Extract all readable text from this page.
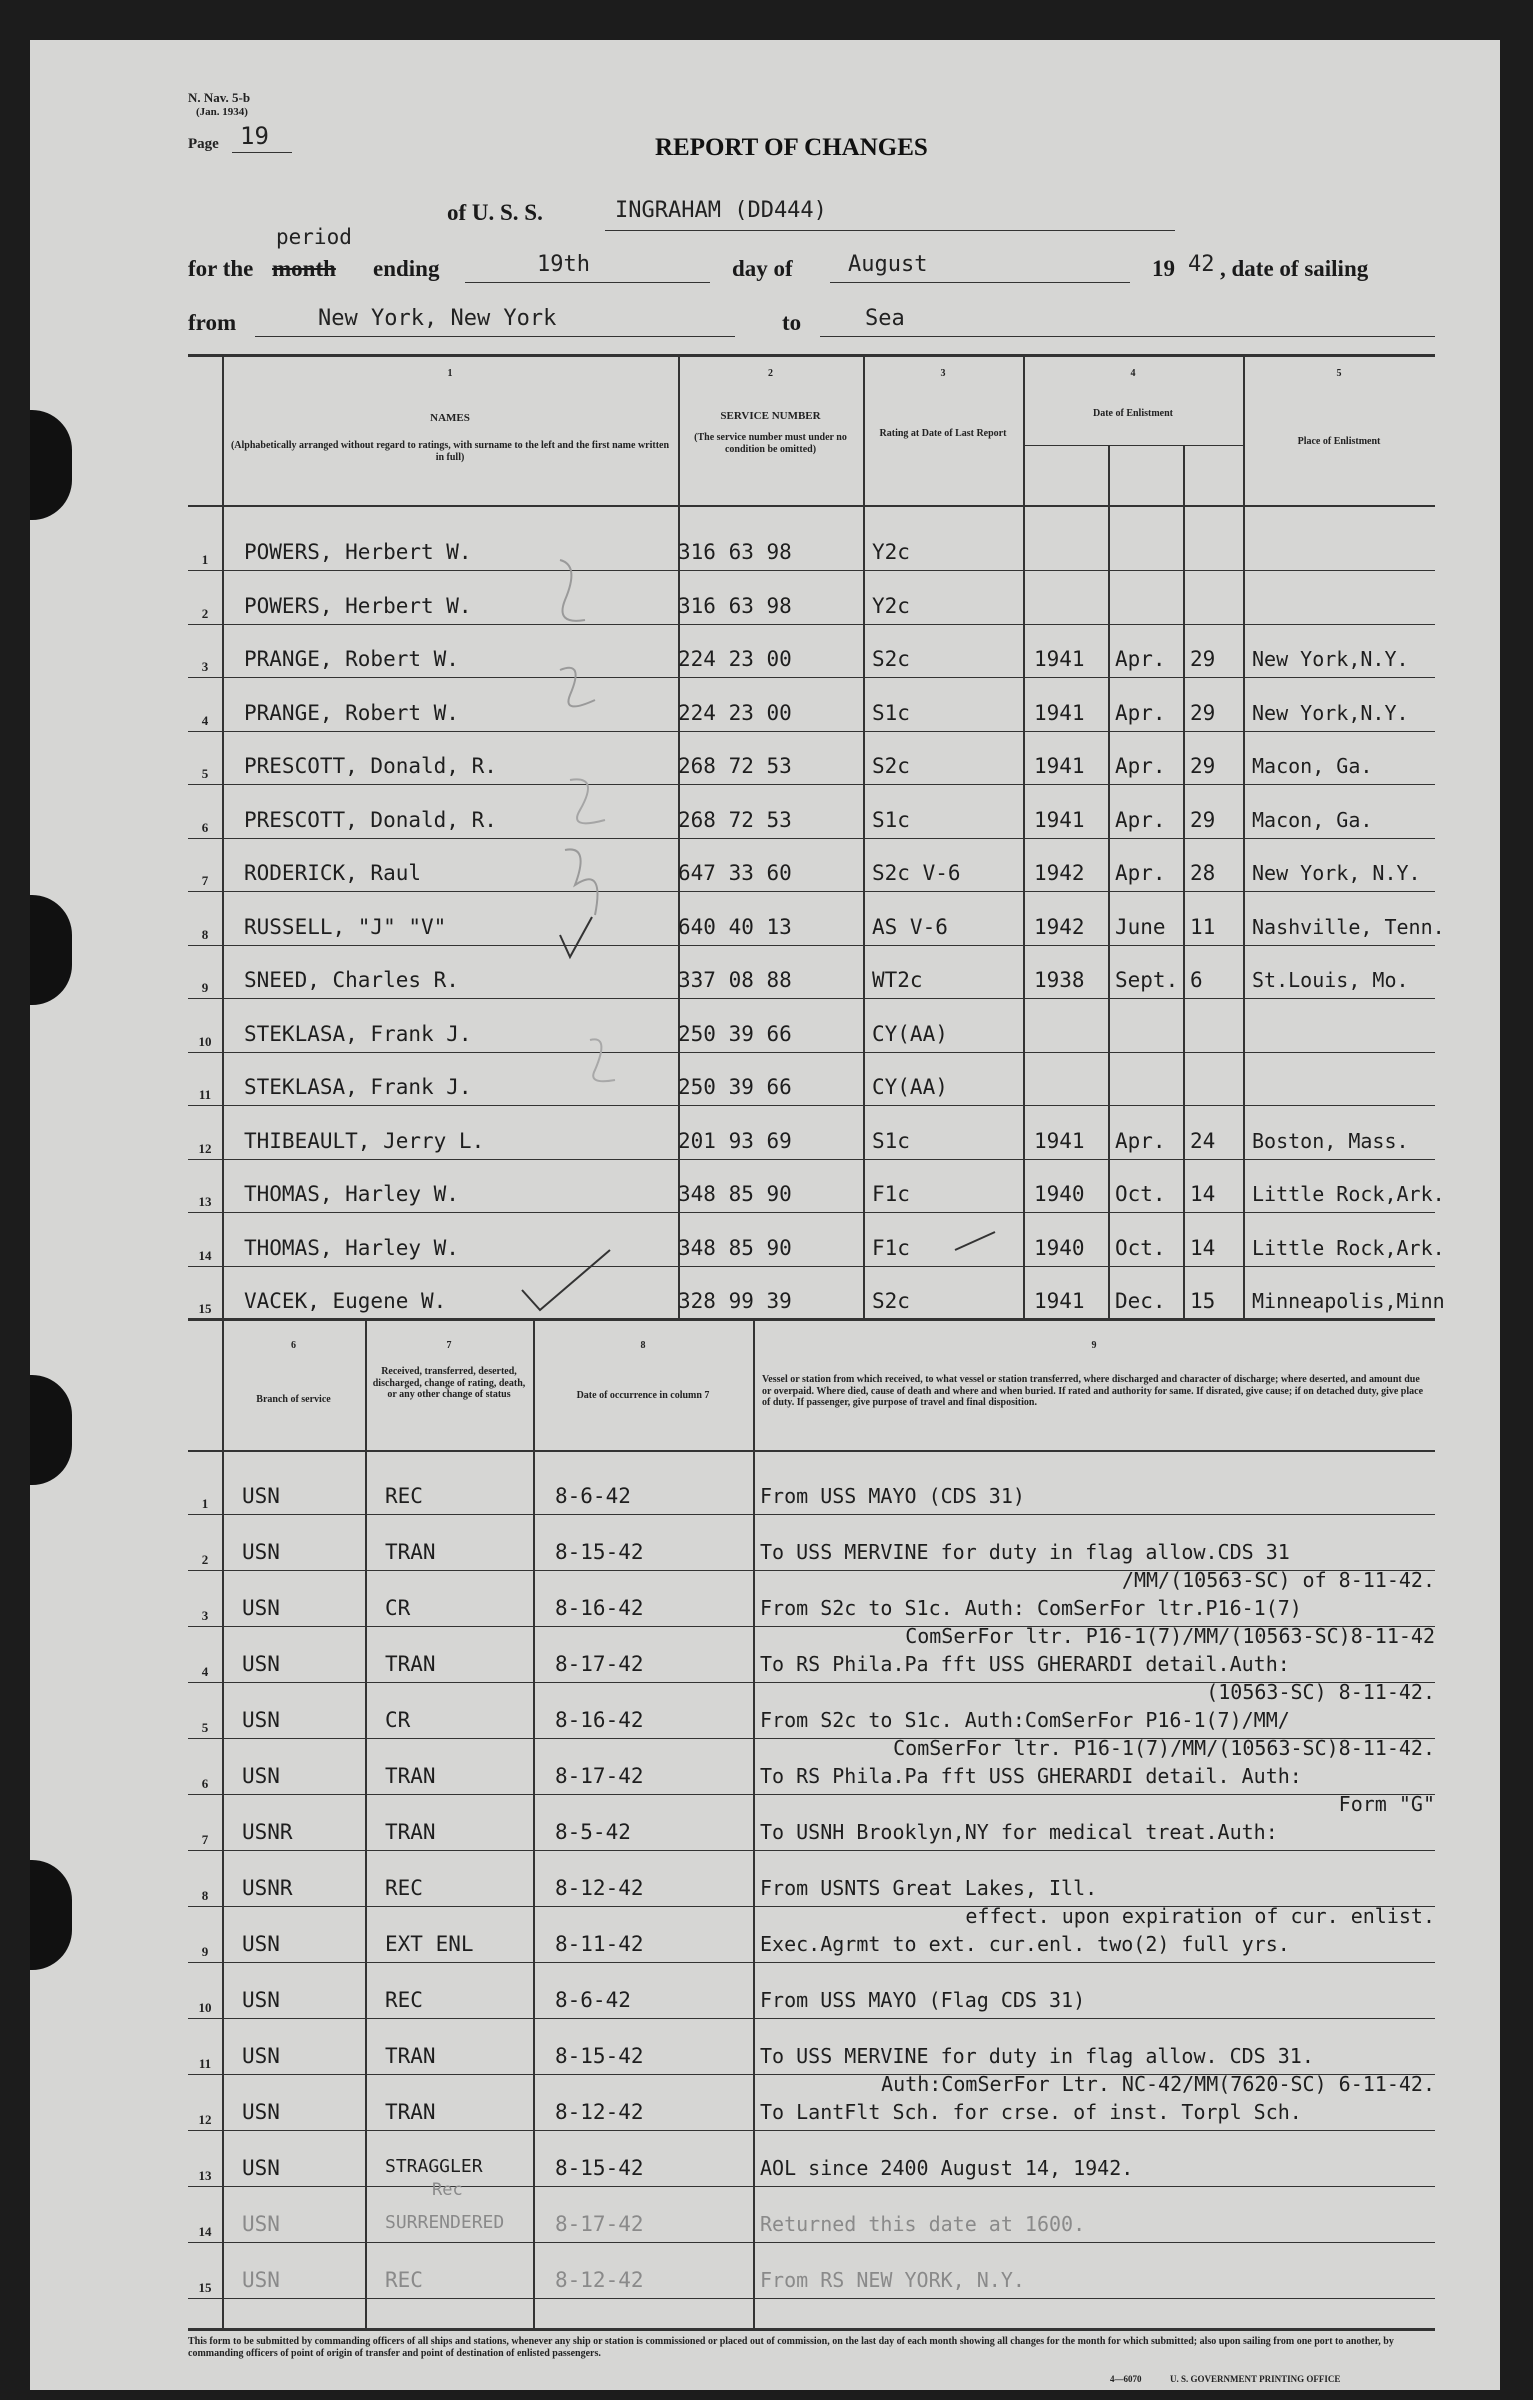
N. Nav. 5-b
(Jan. 1934)
Page 19	REPORT OF CHANGES
of U. S. S.	INGRAHAM (DD444)
period
for the month ending	19th	day of	August	19 42 , date of sailing
from	New York, New York	to	Sea
1
NAMES
(Alphabetically arranged without regard to ratings, with surname to the left and the first name written in full)
2
SERVICE NUMBER
(The service number must under no condition be omitted)
3
Rating at Date of Last Report
4
Date of Enlistment
5
Place of Enlistment
1	POWERS, Herbert W.	316 63 98	Y2c
2	POWERS, Herbert W.	316 63 98	Y2c
3	PRANGE, Robert W.	224 23 00	S2c	1941 Apr. 29 New York,N.Y.
4	PRANGE, Robert W.	224 23 00	S1c	1941 Apr. 29 New York,N.Y.
5	PRESCOTT, Donald, R.	268 72 53	S2c	1941 Apr. 29 Macon, Ga.
6	PRESCOTT, Donald, R.	268 72 53	S1c	1941 Apr. 29 Macon, Ga.
7	RODERICK, Raul	647 33 60	S2c V-6	1942 Apr. 28 New York, N.Y.
8	RUSSELL, "J" "V"	640 40 13	AS V-6	1942 June 11 Nashville, Tenn.
9	SNEED, Charles R.	337 08 88	WT2c	1938 Sept. 6 St.Louis, Mo.
10	STEKLASA, Frank J.	250 39 66	CY(AA)
11	STEKLASA, Frank J.	250 39 66	CY(AA)
12	THIBEAULT, Jerry L.	201 93 69	S1c	1941 Apr. 24 Boston, Mass.
13	THOMAS, Harley W.	348 85 90	F1c	1940 Oct. 14 Little Rock,Ark.
14	THOMAS, Harley W.	348 85 90	F1c	1940 Oct. 14 Little Rock,Ark.
15	VACEK, Eugene W.	328 99 39	S2c	1941 Dec. 15 Minneapolis,Minn
6
Branch of service
7
Received, transferred, deserted, discharged, change of rating, death, or any other change of status
8
Date of occurrence in column 7
9
Vessel or station from which received, to what vessel or station transferred, where discharged and character of discharge; where deserted, and amount due or overpaid. Where died, cause of death and where and when buried. If rated and authority for same. If disrated, give cause; if on detached duty, give place of duty. If passenger, give purpose of travel and final disposition.
1	USN	REC	8-6-42	From USS MAYO (CDS 31)
2	USN	TRAN	8-15-42	To USS MERVINE for duty in flag allow.CDS 31
3	USN	CR	8-16-42
/MM/(10563-SC) of 8-11-42.
From S2c to S1c. Auth: ComSerFor ltr.P16-1(7)
4	USN	TRAN	8-17-42
ComSerFor ltr. P16-1(7)/MM/(10563-SC)8-11-42
To RS Phila.Pa fft USS GHERARDI detail.Auth:
5	USN	CR	8-16-42
(10563-SC) 8-11-42.
From S2c to S1c. Auth:ComSerFor P16-1(7)/MM/
6	USN	TRAN	8-17-42
ComSerFor ltr. P16-1(7)/MM/(10563-SC)8-11-42.
To RS Phila.Pa fft USS GHERARDI detail. Auth:
7	USNR	TRAN	8-5-42
Form "G"
To USNH Brooklyn,NY for medical treat.Auth:
8	USNR	REC	8-12-42	From USNTS Great Lakes, Ill.
9	USN	EXT ENL	8-11-42
effect. upon expiration of cur. enlist.
Exec.Agrmt to ext. cur.enl. two(2) full yrs.
10	USN	REC	8-6-42	From USS MAYO (Flag CDS 31)
11	USN	TRAN	8-15-42	To USS MERVINE for duty in flag allow. CDS 31.
12	USN	TRAN	8-12-42
Auth:ComSerFor Ltr. NC-42/MM(7620-SC) 6-11-42.
To LantFlt Sch. for crse. of inst. Torpl Sch.
13	USN	STRAGGLER	8-15-42	AOL since 2400 August 14, 1942.
14	USN	SURRENDERED 8-17-42	Returned this date at 1600.
15	USN	REC	8-12-42	From RS NEW YORK, N.Y.
Rec
This form to be submitted by commanding officers of all ships and stations, whenever any ship or station is commissioned or placed out of commission, on the last day of each month showing all changes for the month for which submitted; also upon sailing from one port to another, by commanding officers of point of origin of transfer and point of destination of enlisted passengers.
4—6070	U. S. GOVERNMENT PRINTING OFFICE
